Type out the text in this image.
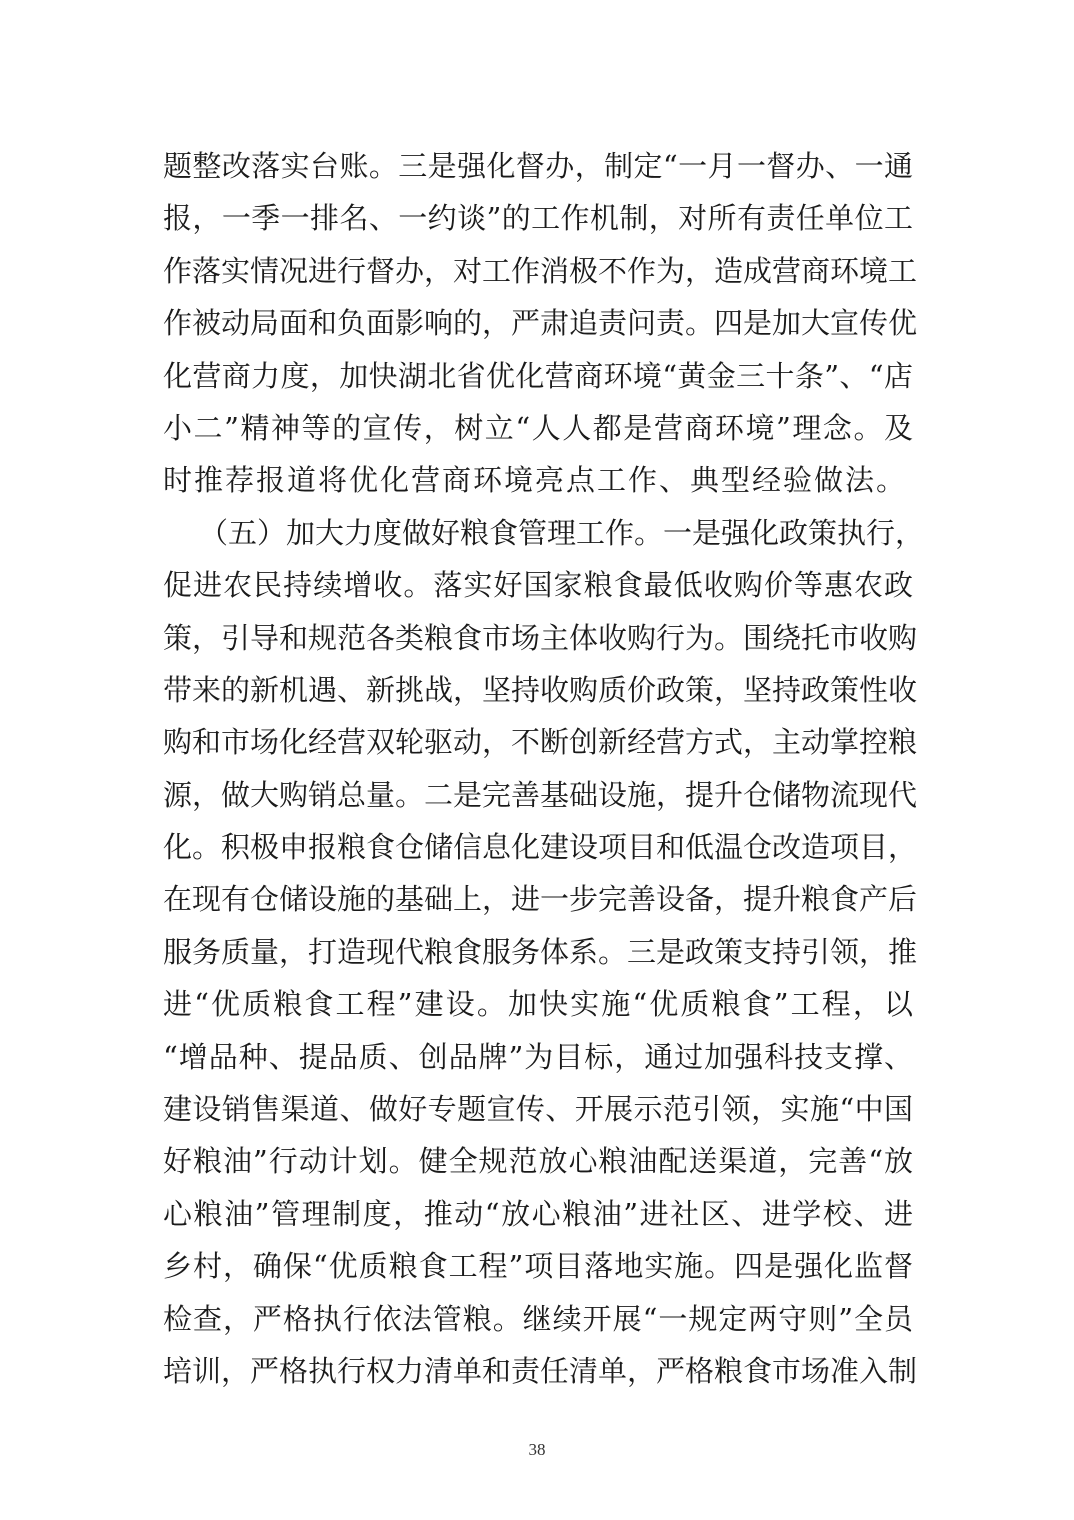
题整改落实台账。三是强化督办，制定“一月一督办、一通
报，一季一排名、一约谈”的工作机制，对所有责任单位工
作落实情况进行督办，对工作消极不作为，造成营商环境工
作被动局面和负面影响的，严肃追责问责。四是加大宣传优
化营商力度，加快湖北省优化营商环境“黄金三十条”、“店
小二”精神等的宣传，树立“人人都是营商环境”理念。及
时推荐报道将优化营商环境亮点工作、典型经验做法。
（五）加大力度做好粮食管理工作。一是强化政策执行，
促进农民持续增收。落实好国家粮食最低收购价等惠农政
策，引导和规范各类粮食市场主体收购行为。围绕托市收购
带来的新机遇、新挑战，坚持收购质价政策，坚持政策性收
购和市场化经营双轮驱动，不断创新经营方式，主动掌控粮
源，做大购销总量。二是完善基础设施，提升仓储物流现代
化。积极申报粮食仓储信息化建设项目和低温仓改造项目，
在现有仓储设施的基础上，进一步完善设备，提升粮食产后
服务质量，打造现代粮食服务体系。三是政策支持引领，推
进“优质粮食工程”建设。加快实施“优质粮食”工程，以
“增品种、提品质、创品牌”为目标，通过加强科技支撑、
建设销售渠道、做好专题宣传、开展示范引领，实施“中国
好粮油”行动计划。健全规范放心粮油配送渠道，完善“放
心粮油”管理制度，推动“放心粮油”进社区、进学校、进
乡村，确保“优质粮食工程”项目落地实施。四是强化监督
检查，严格执行依法管粮。继续开展“一规定两守则”全员
培训，严格执行权力清单和责任清单，严格粮食市场准入制
38
